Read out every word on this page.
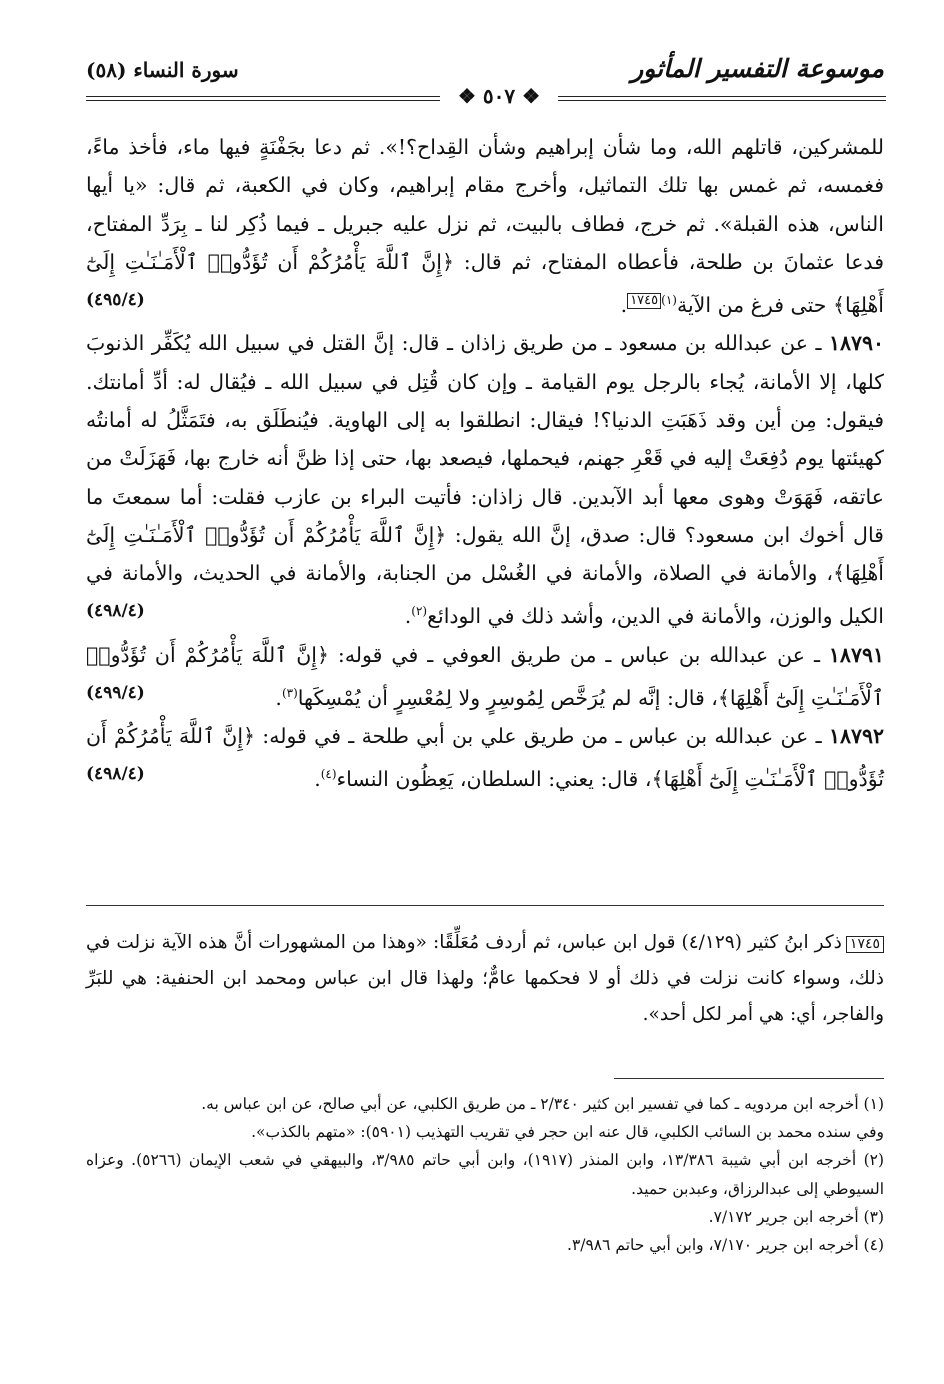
موسوعة التفسير المأثور
سورة النساء (٥٨)
❖ ٥٠٧ ❖

للمشركين، قاتلهم الله، وما شأن إبراهيم وشأن القِداح؟!». ثم دعا بجَفْنَةٍ فيها ماء، فأخذ ماءً، فغمسه، ثم غمس بها تلك التماثيل، وأخرج مقام إبراهيم، وكان في الكعبة، ثم قال: «يا أيها الناس، هذه القبلة». ثم خرج، فطاف بالبيت، ثم نزل عليه جبريل ـ فيما ذُكِر لنا ـ بِرَدِّ المفتاح، فدعا عثمانَ بن طلحة، فأعطاه المفتاح، ثم قال: ﴿إِنَّ ٱللَّهَ يَأْمُرُكُمْ أَن تُؤَدُّوا۟ ٱلْأَمَـٰنَـٰتِ إِلَىٰٓ أَهْلِهَا﴾ حتى فرغ من الآية$^{(١)}$١٧٤٥.
(٤٩٥/٤)

١٨٧٩٠ ـ عن عبدالله بن مسعود ـ من طريق زاذان ـ قال: إنَّ القتل في سبيل الله يُكَفِّر الذنوبَ كلها، إلا الأمانة، يُجاء بالرجل يوم القيامة ـ وإن كان قُتِل في سبيل الله ـ فيُقال له: أدِّ أمانتك. فيقول: مِن أين وقد ذَهَبَتِ الدنيا؟! فيقال: انطلقوا به إلى الهاوية. فيُنطَلَق به، فتَمَثَّلُ له أمانتُه كهيئتها يوم دُفِعَتْ إليه في قَعْرِ جهنم، فيحملها، فيصعد بها، حتى إذا ظنَّ أنه خارج بها، فَهَزَلَتْ من عاتقه، فَهَوَتْ وهوى معها أبد الآبدين. قال زاذان: فأتيت البراء بن عازب فقلت: أما سمعتَ ما قال أخوك ابن مسعود؟ قال: صدق، إنَّ الله يقول: ﴿إِنَّ ٱللَّهَ يَأْمُرُكُمْ أَن تُؤَدُّوا۟ ٱلْأَمَـٰنَـٰتِ إِلَىٰٓ أَهْلِهَا﴾، والأمانة في الصلاة، والأمانة في الغُسْل من الجنابة، والأمانة في الحديث، والأمانة في الكيل والوزن، والأمانة في الدين، وأشد ذلك في الودائع$^{(٢)}$.
(٤٩٨/٤)

١٨٧٩١ ـ عن عبدالله بن عباس ـ من طريق العوفي ـ في قوله: ﴿إِنَّ ٱللَّهَ يَأْمُرُكُمْ أَن تُؤَدُّوا۟ ٱلْأَمَـٰنَـٰتِ إِلَىٰٓ أَهْلِهَا﴾، قال: إنَّه لم يُرَخَّص لِمُوسِرٍ ولا لِمُعْسِرٍ أن يُمْسِكَها$^{(٣)}$.
(٤٩٩/٤)

١٨٧٩٢ ـ عن عبدالله بن عباس ـ من طريق علي بن أبي طلحة ـ في قوله: ﴿إِنَّ ٱللَّهَ يَأْمُرُكُمْ أَن تُؤَدُّوا۟ ٱلْأَمَـٰنَـٰتِ إِلَىٰٓ أَهْلِهَا﴾، قال: يعني: السلطان، يَعِظُون النساء$^{(٤)}$.
(٤٩٨/٤)

١٧٤٥ذكر ابنُ كثير (٤/١٢٩) قول ابن عباس، ثم أردف مُعَلِّقًا: «وهذا من المشهورات أنَّ هذه الآية نزلت في ذلك، وسواء كانت نزلت في ذلك أو لا فحكمها عامٌّ؛ ولهذا قال ابن عباس ومحمد ابن الحنفية: هي للبَرِّ والفاجر، أي: هي أمر لكل أحد».

(١) أخرجه ابن مردويه ـ كما في تفسير ابن كثير ٢/٣٤٠ ـ من طريق الكلبي، عن أبي صالح، عن ابن عباس به.

وفي سنده محمد بن السائب الكلبي، قال عنه ابن حجر في تقريب التهذيب (٥٩٠١): «متهم بالكذب».

(٢) أخرجه ابن أبي شيبة ١٣/٣٨٦، وابن المنذر (١٩١٧)، وابن أبي حاتم ٣/٩٨٥، والبيهقي في شعب الإيمان (٥٢٦٦). وعزاه السيوطي إلى عبدالرزاق، وعبدبن حميد.

(٣) أخرجه ابن جرير ٧/١٧٢.

(٤) أخرجه ابن جرير ٧/١٧٠، وابن أبي حاتم ٣/٩٨٦.
